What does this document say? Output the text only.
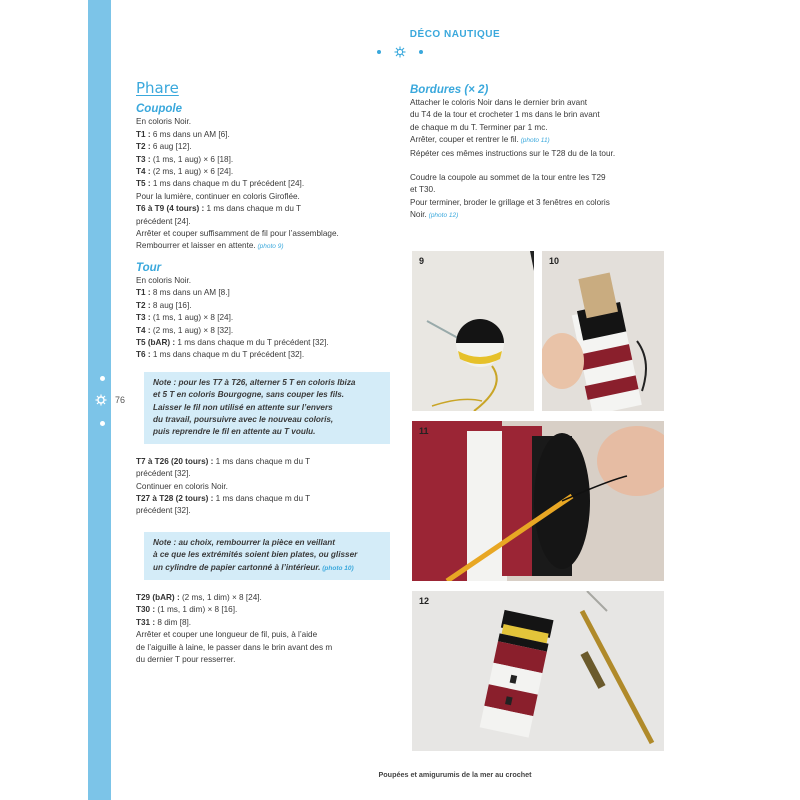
76
DÉCO NAUTIQUE
Phare
Coupole
En coloris Noir.
T1 : 6 ms dans un AM [6].
T2 : 6 aug [12].
T3 : (1 ms, 1 aug) × 6 [18].
T4 : (2 ms, 1 aug) × 6 [24].
T5 : 1 ms dans chaque m du T précédent [24].
Pour la lumière, continuer en coloris Giroflée.
T6 à T9 (4 tours) : 1 ms dans chaque m du T
précédent [24].
Arrêter et couper suffisamment de fil pour l’assemblage.
Rembourrer et laisser en attente. (photo 9)
Tour
En coloris Noir.
T1 : 8 ms dans un AM [8.]
T2 : 8 aug [16].
T3 : (1 ms, 1 aug) × 8 [24].
T4 : (2 ms, 1 aug) × 8 [32].
T5 (bAR) : 1 ms dans chaque m du T précédent [32].
T6 : 1 ms dans chaque m du T précédent [32].
Note : pour les T7 à T26, alterner 5 T en coloris Ibiza
et 5 T en coloris Bourgogne, sans couper les fils.
Laisser le fil non utilisé en attente sur l’envers
du travail, poursuivre avec le nouveau coloris,
puis reprendre le fil en attente au T voulu.
T7 à T26 (20 tours) : 1 ms dans chaque m du T
précédent [32].
Continuer en coloris Noir.
T27 à T28 (2 tours) : 1 ms dans chaque m du T
précédent [32].
Note : au choix, rembourrer la pièce en veillant
à ce que les extrémités soient bien plates, ou glisser
un cylindre de papier cartonné à l’intérieur. (photo 10)
T29 (bAR) : (2 ms, 1 dim) × 8 [24].
T30 : (1 ms, 1 dim) × 8 [16].
T31 : 8 dim [8].
Arrêter et couper une longueur de fil, puis, à l’aide
de l’aiguille à laine, le passer dans le brin avant des m
du dernier T pour resserrer.
Bordures (× 2)
Attacher le coloris Noir dans le dernier brin avant
du T4 de la tour et crocheter 1 ms dans le brin avant
de chaque m du T. Terminer par 1 mc.
Arrêter, couper et rentrer le fil. (photo 11)
Répéter ces mêmes instructions sur le T28 du de la tour.
Coudre la coupole au sommet de la tour entre les T29
et T30.
Pour terminer, broder le grillage et 3 fenêtres en coloris
Noir. (photo 12)
9	10
11
12
Poupées et amigurumis de la mer au crochet
